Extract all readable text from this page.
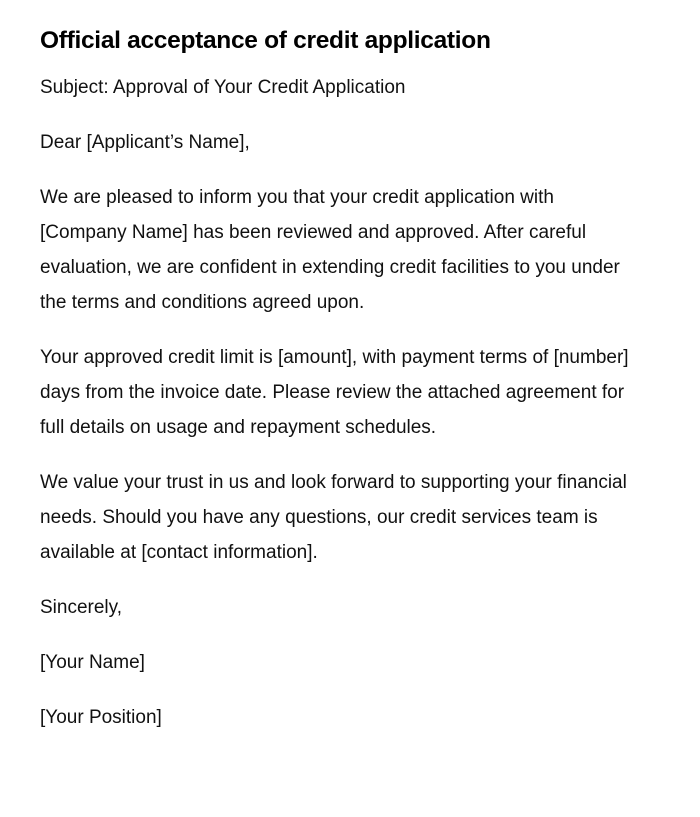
Official acceptance of credit application

Subject: Approval of Your Credit Application

Dear [Applicant’s Name],

We are pleased to inform you that your credit application with [Company Name] has been reviewed and approved. After careful evaluation, we are confident in extending credit facilities to you under the terms and conditions agreed upon.

Your approved credit limit is [amount], with payment terms of [number] days from the invoice date. Please review the attached agreement for full details on usage and repayment schedules.

We value your trust in us and look forward to supporting your financial needs. Should you have any questions, our credit services team is available at [contact information].

Sincerely,

[Your Name]

[Your Position]
